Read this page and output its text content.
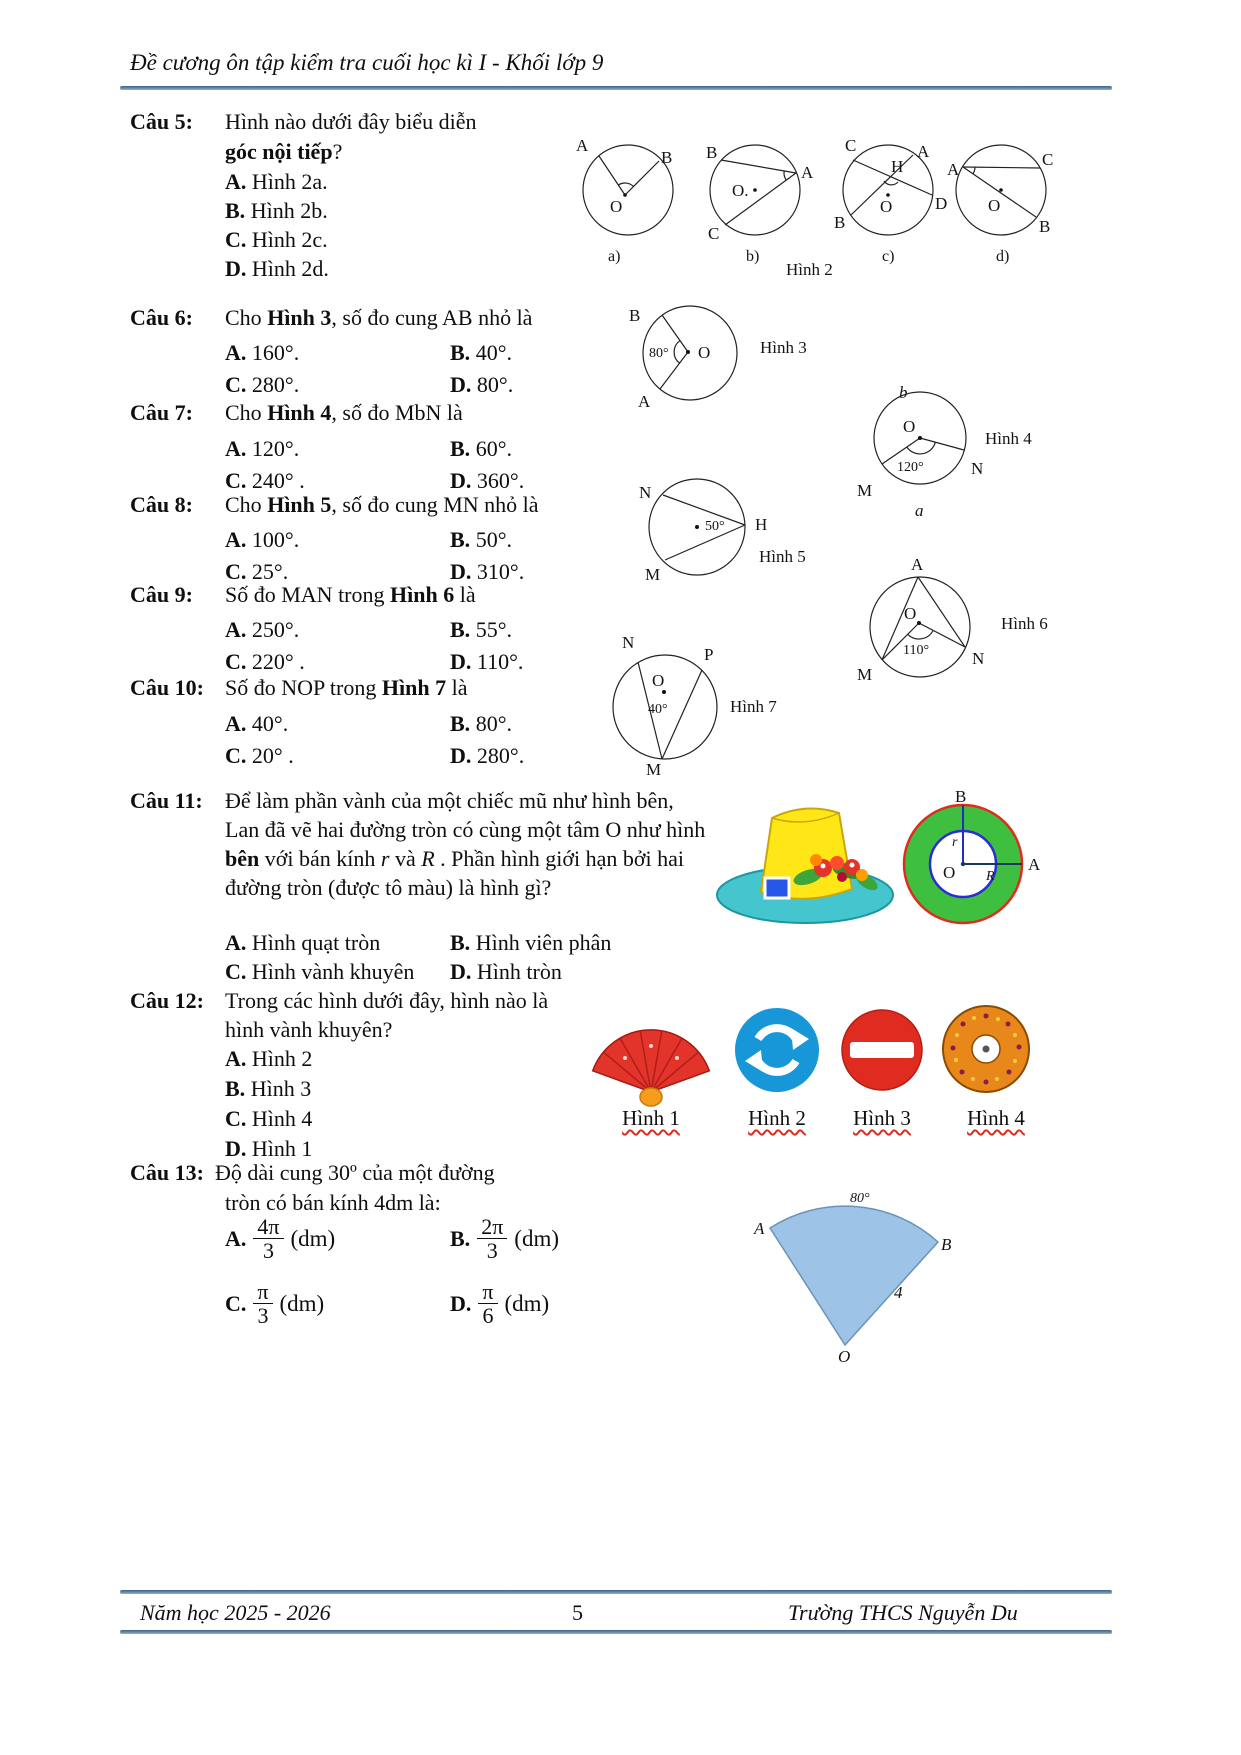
Đề cương ôn tập kiểm tra cuối học kì I - Khối lớp 9
Câu 5: Hình nào dưới đây biểu diễn
góc nội tiếp?
A. Hình 2a.
B. Hình 2b.
C. Hình 2c.
D. Hình 2d.
A
B
O
a)
B
A
O.
C
b)
C	A
H
O	D
B
c)
A
C
O
B
d)
Hình 2
Câu 6: Cho Hình 3, số đo cung AB nhỏ là
A. 160°.	B. 40°.
C. 280°.	D. 80°.
B
A
O
80°	Hình 3
Câu 7: Cho Hình 4, số đo MbN là
A. 120°.	B. 60°.
C. 240° .	D. 360°.
b
O
120°
M
N
a
Hình 4
Câu 8: Cho Hình 5, số đo cung MN nhỏ là
A. 100°.	B. 50°.
C. 25°.	D. 310°.
N
H
M
50°
Hình 5
Câu 9: Số đo MAN trong Hình 6 là
A. 250°.	B. 55°.
C. 220° .	D. 110°.
A
O
110°
M
N
Hình 6
Câu 10: Số đo NOP trong Hình 7 là
A. 40°.	B. 80°.
C. 20° .	D. 280°.
N
P
O
40°
M
Hình 7
Câu 11: Để làm phần vành của một chiếc mũ như hình bên, Lan đã vẽ hai đường tròn có cùng một tâm O như hình bên với bán kính r và R . Phần hình giới hạn bởi hai đường tròn (được tô màu) là hình gì?
A. Hình quạt tròn	B. Hình viên phân
C. Hình vành khuyên D. Hình tròn
B
A
O
r
R
Câu 12: Trong các hình dưới đây, hình nào là hình vành khuyên?
A. Hình 2
B. Hình 3
C. Hình 4
D. Hình 1
Hình 1	Hình 2	Hình 3	Hình 4
Câu 13: Độ dài cung 30º của một đường
tròn có bán kính 4dm là:
A. $\frac{4\pi}{3} (dm)$	B. $\frac{2\pi}{3} (dm)$
C. $\frac{\pi}{3} (dm)$	D. $\frac{\pi}{6} (dm)$
80°
A
B
O
4
Năm học 2025 - 2026	5	Trường THCS Nguyễn Du
